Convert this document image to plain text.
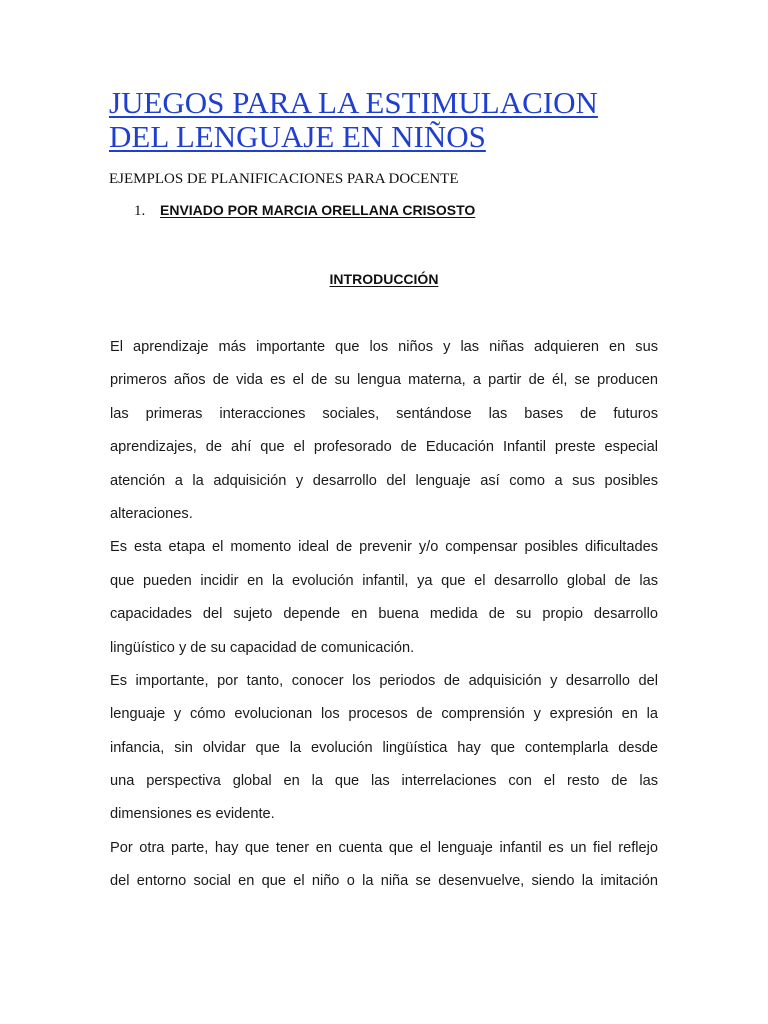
JUEGOS PARA LA ESTIMULACION
DEL LENGUAJE EN NIÑOS

EJEMPLOS DE PLANIFICACIONES PARA DOCENTE

1. ENVIADO POR MARCIA ORELLANA CRISOSTO

INTRODUCCIÓN
El aprendizaje más importante que los niños y las niñas adquieren en sus
primeros años de vida es el de su lengua materna, a partir de él, se producen
las primeras interacciones sociales, sentándose las bases de futuros
aprendizajes, de ahí que el profesorado de Educación Infantil preste especial
atención a la adquisición y desarrollo del lenguaje así como a sus posibles
alteraciones.
Es esta etapa el momento ideal de prevenir y/o compensar posibles dificultades
que pueden incidir en la evolución infantil, ya que el desarrollo global de las
capacidades del sujeto depende en buena medida de su propio desarrollo
lingüístico y de su capacidad de comunicación.
Es importante, por tanto, conocer los periodos de adquisición y desarrollo del
lenguaje y cómo evolucionan los procesos de comprensión y expresión en la
infancia, sin olvidar que la evolución lingüística hay que contemplarla desde
una perspectiva global en la que las interrelaciones con el resto de las
dimensiones es evidente.
Por otra parte, hay que tener en cuenta que el lenguaje infantil es un fiel reflejo
del entorno social en que el niño o la niña se desenvuelve, siendo la imitación
